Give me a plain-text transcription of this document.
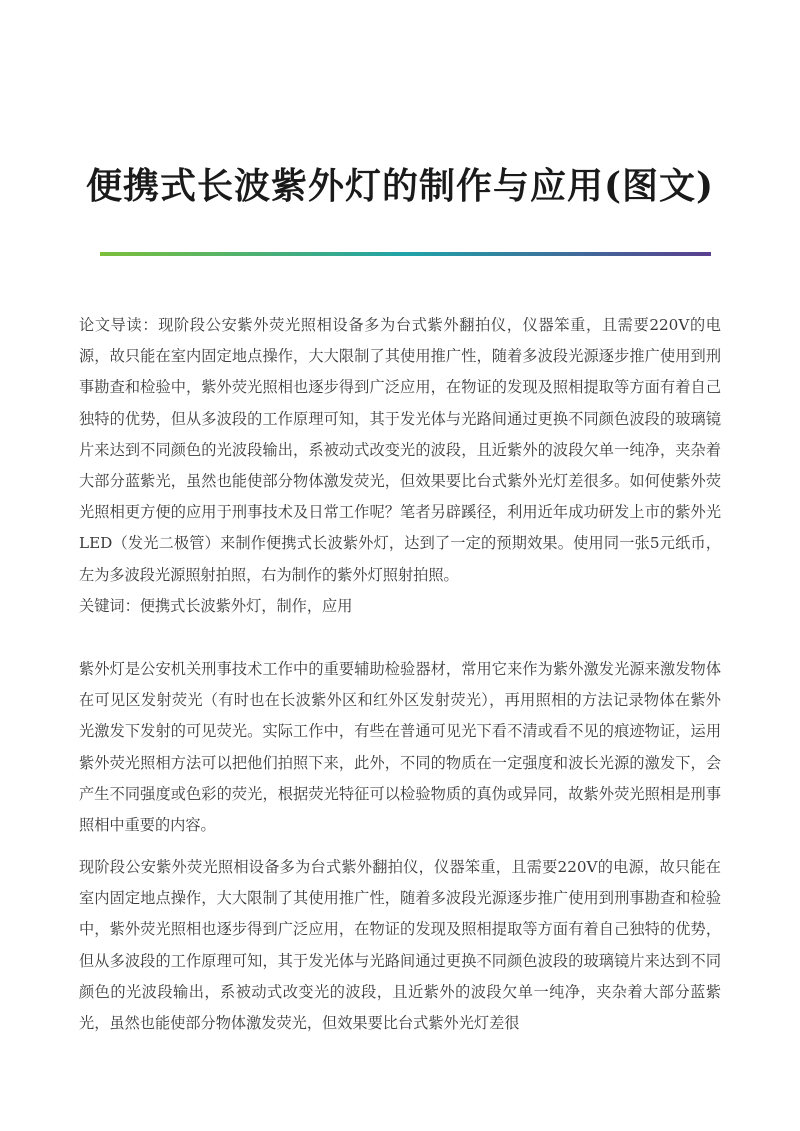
便携式长波紫外灯的制作与应用(图文)
论文导读：现阶段公安紫外荧光照相设备多为台式紫外翻拍仪，仪器笨重，且需要220V的电源，故只能在室内固定地点操作，大大限制了其使用推广性，随着多波段光源逐步推广使用到刑事勘查和检验中，紫外荧光照相也逐步得到广泛应用，在物证的发现及照相提取等方面有着自己独特的优势，但从多波段的工作原理可知，其于发光体与光路间通过更换不同颜色波段的玻璃镜片来达到不同颜色的光波段输出，系被动式改变光的波段，且近紫外的波段欠单一纯净，夹杂着大部分蓝紫光，虽然也能使部分物体激发荧光，但效果要比台式紫外光灯差很多。如何使紫外荧光照相更方便的应用于刑事技术及日常工作呢？笔者另辟蹊径，利用近年成功研发上市的紫外光LED（发光二极管）来制作便携式长波紫外灯，达到了一定的预期效果。使用同一张5元纸币，左为多波段光源照射拍照，右为制作的紫外灯照射拍照。
关键词：便携式长波紫外灯，制作，应用

紫外灯是公安机关刑事技术工作中的重要辅助检验器材，常用它来作为紫外激发光源来激发物体在可见区发射荧光（有时也在长波紫外区和红外区发射荧光），再用照相的方法记录物体在紫外光激发下发射的可见荧光。实际工作中，有些在普通可见光下看不清或看不见的痕迹物证，运用紫外荧光照相方法可以把他们拍照下来，此外，不同的物质在一定强度和波长光源的激发下，会产生不同强度或色彩的荧光，根据荧光特征可以检验物质的真伪或异同，故紫外荧光照相是刑事照相中重要的内容。

现阶段公安紫外荧光照相设备多为台式紫外翻拍仪，仪器笨重，且需要220V的电源，故只能在室内固定地点操作，大大限制了其使用推广性，随着多波段光源逐步推广使用到刑事勘查和检验中，紫外荧光照相也逐步得到广泛应用，在物证的发现及照相提取等方面有着自己独特的优势，但从多波段的工作原理可知，其于发光体与光路间通过更换不同颜色波段的玻璃镜片来达到不同颜色的光波段输出，系被动式改变光的波段，且近紫外的波段欠单一纯净，夹杂着大部分蓝紫光，虽然也能使部分物体激发荧光，但效果要比台式紫外光灯差很
